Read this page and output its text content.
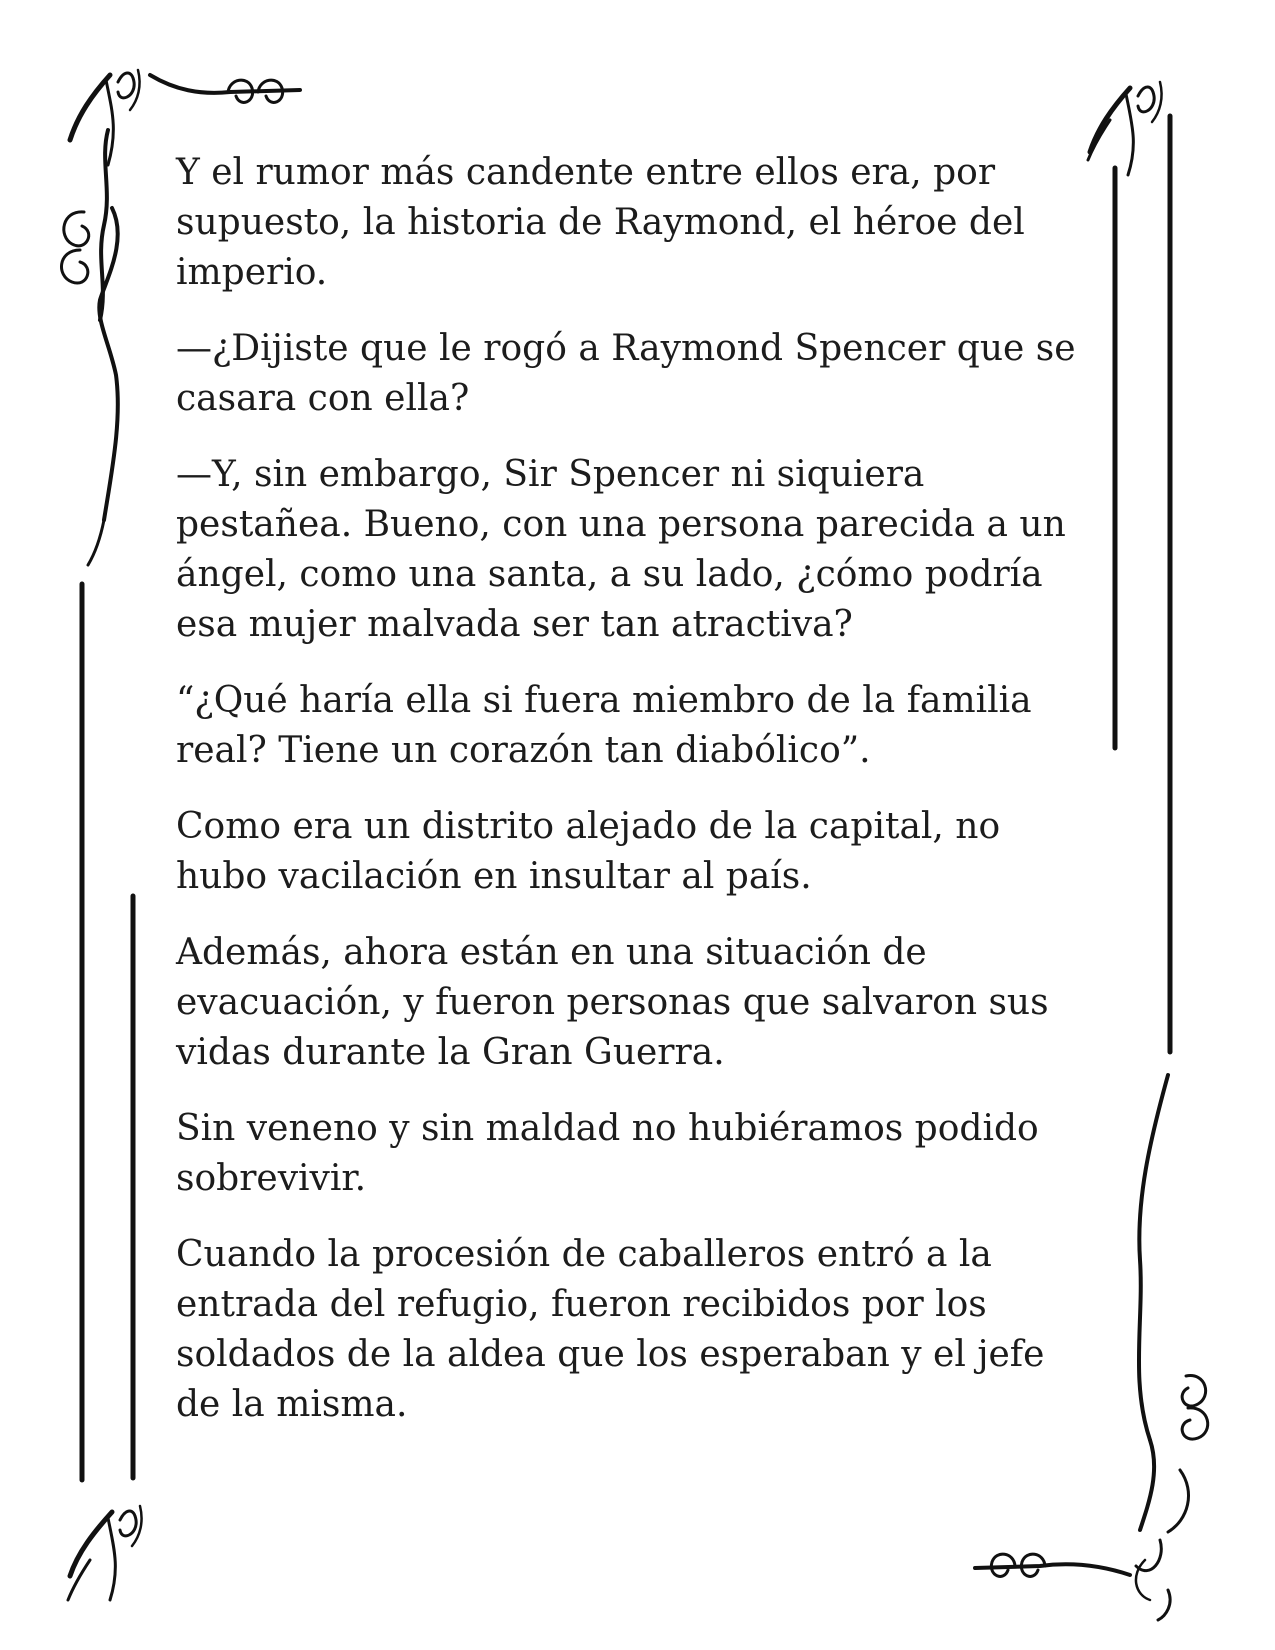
Y el rumor más candente entre ellos era, por supuesto, la historia de Raymond, el héroe del imperio.

—¿Dijiste que le rogó a Raymond Spencer que se casara con ella?

—Y, sin embargo, Sir Spencer ni siquiera pestañea. Bueno, con una persona parecida a un ángel, como una santa, a su lado, ¿cómo podría esa mujer malvada ser tan atractiva?

“¿Qué haría ella si fuera miembro de la familia real? Tiene un corazón tan diabólico”.

Como era un distrito alejado de la capital, no hubo vacilación en insultar al país.

Además, ahora están en una situación de evacuación, y fueron personas que salvaron sus vidas durante la Gran Guerra.

Sin veneno y sin maldad no hubiéramos podido sobrevivir.

Cuando la procesión de caballeros entró a la entrada del refugio, fueron recibidos por los soldados de la aldea que los esperaban y el jefe de la misma.
